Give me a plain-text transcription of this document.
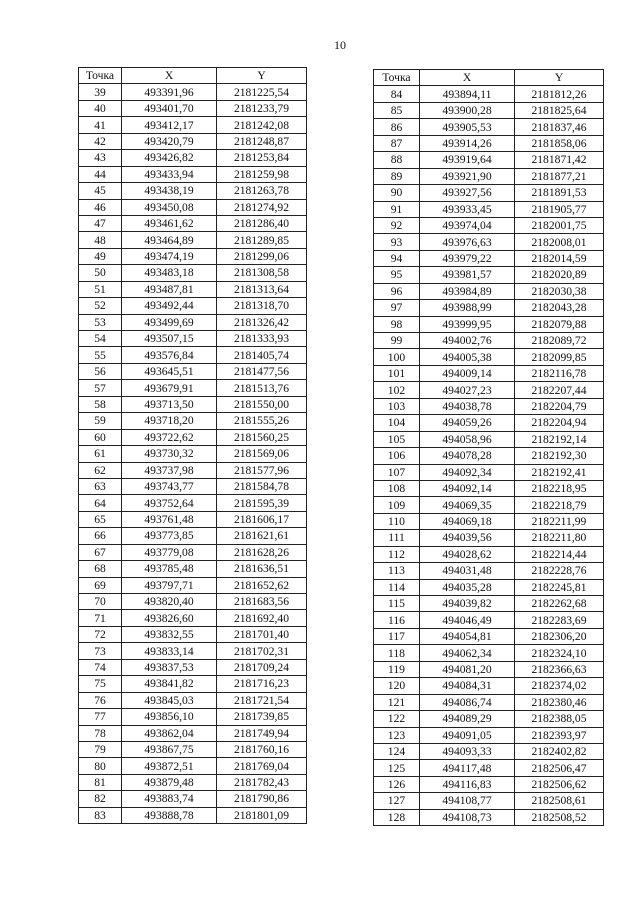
10
Точка	X	Y
39	493391,96	2181225,54
40	493401,70	2181233,79
41	493412,17	2181242,08
42	493420,79	2181248,87
43	493426,82	2181253,84
44	493433,94	2181259,98
45	493438,19	2181263,78
46	493450,08	2181274,92
47	493461,62	2181286,40
48	493464,89	2181289,85
49	493474,19	2181299,06
50	493483,18	2181308,58
51	493487,81	2181313,64
52	493492,44	2181318,70
53	493499,69	2181326,42
54	493507,15	2181333,93
55	493576,84	2181405,74
56	493645,51	2181477,56
57	493679,91	2181513,76
58	493713,50	2181550,00
59	493718,20	2181555,26
60	493722,62	2181560,25
61	493730,32	2181569,06
62	493737,98	2181577,96
63	493743,77	2181584,78
64	493752,64	2181595,39
65	493761,48	2181606,17
66	493773,85	2181621,61
67	493779,08	2181628,26
68	493785,48	2181636,51
69	493797,71	2181652,62
70	493820,40	2181683,56
71	493826,60	2181692,40
72	493832,55	2181701,40
73	493833,14	2181702,31
74	493837,53	2181709,24
75	493841,82	2181716,23
76	493845,03	2181721,54
77	493856,10	2181739,85
78	493862,04	2181749,94
79	493867,75	2181760,16
80	493872,51	2181769,04
81	493879,48	2181782,43
82	493883,74	2181790,86
83	493888,78	2181801,09
Точка	X	Y
84	493894,11	2181812,26
85	493900,28	2181825,64
86	493905,53	2181837,46
87	493914,26	2181858,06
88	493919,64	2181871,42
89	493921,90	2181877,21
90	493927,56	2181891,53
91	493933,45	2181905,77
92	493974,04	2182001,75
93	493976,63	2182008,01
94	493979,22	2182014,59
95	493981,57	2182020,89
96	493984,89	2182030,38
97	493988,99	2182043,28
98	493999,95	2182079,88
99	494002,76	2182089,72
100	494005,38	2182099,85
101	494009,14	2182116,78
102	494027,23	2182207,44
103	494038,78	2182204,79
104	494059,26	2182204,94
105	494058,96	2182192,14
106	494078,28	2182192,30
107	494092,34	2182192,41
108	494092,14	2182218,95
109	494069,35	2182218,79
110	494069,18	2182211,99
111	494039,56	2182211,80
112	494028,62	2182214,44
113	494031,48	2182228,76
114	494035,28	2182245,81
115	494039,82	2182262,68
116	494046,49	2182283,69
117	494054,81	2182306,20
118	494062,34	2182324,10
119	494081,20	2182366,63
120	494084,31	2182374,02
121	494086,74	2182380,46
122	494089,29	2182388,05
123	494091,05	2182393,97
124	494093,33	2182402,82
125	494117,48	2182506,47
126	494116,83	2182506,62
127	494108,77	2182508,61
128	494108,73	2182508,52
